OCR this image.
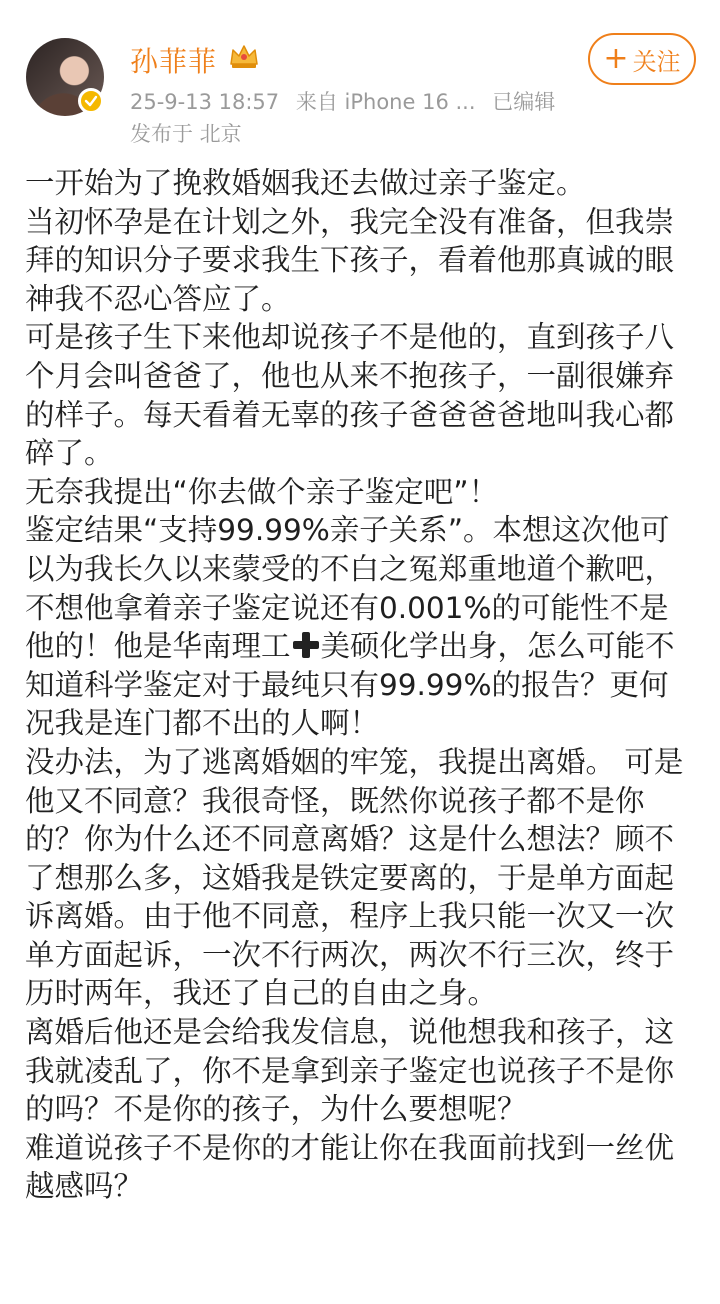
孙菲菲
25-9-13 18:57 来自 iPhone 16 ... 已编辑
发布于 北京
+ 关注

一开始为了挽救婚姻我还去做过亲子鉴定。

当初怀孕是在计划之外，我完全没有准备，但我崇拜的知识分子要求我生下孩子，看着他那真诚的眼神我不忍心答应了。

可是孩子生下来他却说孩子不是他的，直到孩子八个月会叫爸爸了，他也从来不抱孩子，一副很嫌弃的样子。每天看着无辜的孩子爸爸爸爸地叫我心都碎了。

无奈我提出“你去做个亲子鉴定吧”！

鉴定结果“支持99.99%亲子关系”。本想这次他可以为我长久以来蒙受的不白之冤郑重地道个歉吧，不想他拿着亲子鉴定说还有0.001%的可能性不是他的！他是华南理工 美硕化学出身，怎么可能不知道科学鉴定对于最纯只有99.99%的报告？更何况我是连门都不出的人啊！

没办法，为了逃离婚姻的牢笼，我提出离婚。 可是他又不同意？我很奇怪，既然你说孩子都不是你的？你为什么还不同意离婚？这是什么想法？顾不了想那么多，这婚我是铁定要离的，于是单方面起诉离婚。由于他不同意，程序上我只能一次又一次单方面起诉，一次不行两次，两次不行三次，终于历时两年，我还了自己的自由之身。

离婚后他还是会给我发信息，说他想我和孩子，这我就凌乱了，你不是拿到亲子鉴定也说孩子不是你的吗？不是你的孩子，为什么要想呢？

难道说孩子不是你的才能让你在我面前找到一丝优越感吗？
